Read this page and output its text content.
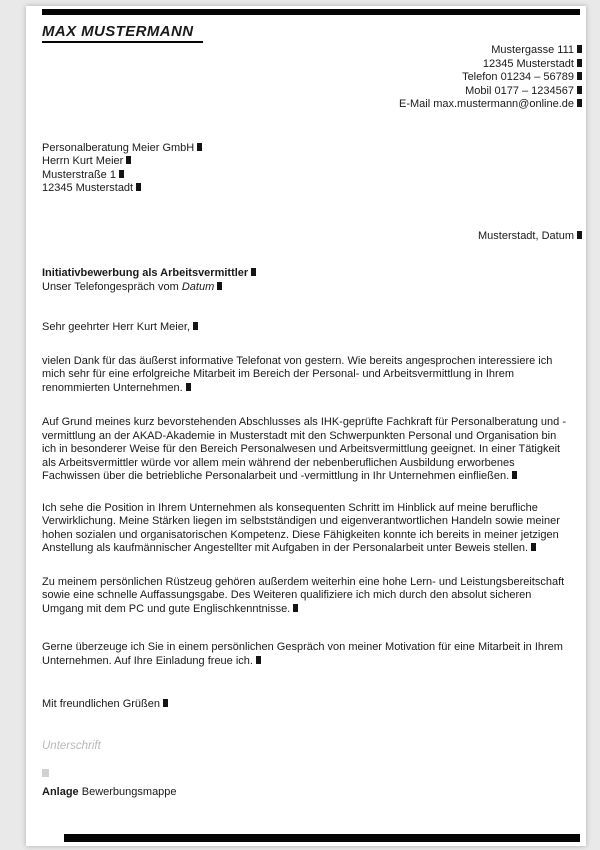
MAX MUSTERMANN
Mustergasse 111
12345 Musterstadt
Telefon 01234 – 56789
Mobil 0177 – 1234567
E-Mail max.mustermann@online.de
Personalberatung Meier GmbH
Herrn Kurt Meier
Musterstraße 1
12345 Musterstadt
Musterstadt, Datum
Initiativbewerbung als Arbeitsvermittler
Unser Telefongespräch vom Datum
Sehr geehrter Herr Kurt Meier,
vielen Dank für das äußerst informative Telefonat von gestern. Wie bereits angesprochen interessiere ich mich sehr für eine erfolgreiche Mitarbeit im Bereich der Personal- und Arbeitsvermittlung in Ihrem renommierten Unternehmen.
Auf Grund meines kurz bevorstehenden Abschlusses als IHK-geprüfte Fachkraft für Personalberatung und -vermittlung an der AKAD-Akademie in Musterstadt mit den Schwerpunkten Personal und Organisation bin ich in besonderer Weise für den Bereich Personalwesen und Arbeitsvermittlung geeignet. In einer Tätigkeit als Arbeitsvermittler würde vor allem mein während der nebenberuflichen Ausbildung erworbenes Fachwissen über die betriebliche Personalarbeit und -vermittlung in Ihr Unternehmen einfließen.
Ich sehe die Position in Ihrem Unternehmen als konsequenten Schritt im Hinblick auf meine berufliche Verwirklichung. Meine Stärken liegen im selbstständigen und eigenverantwortlichen Handeln sowie meiner hohen sozialen und organisatorischen Kompetenz. Diese Fähigkeiten konnte ich bereits in meiner jetzigen Anstellung als kaufmännischer Angestellter mit Aufgaben in der Personalarbeit unter Beweis stellen.
Zu meinem persönlichen Rüstzeug gehören außerdem weiterhin eine hohe Lern- und Leistungsbereitschaft sowie eine schnelle Auffassungsgabe. Des Weiteren qualifiziere ich mich durch den absolut sicheren Umgang mit dem PC und gute Englischkenntnisse.
Gerne überzeuge ich Sie in einem persönlichen Gespräch von meiner Motivation für eine Mitarbeit in Ihrem Unternehmen. Auf Ihre Einladung freue ich.
Mit freundlichen Grüßen
Unterschrift
Anlage Bewerbungsmappe
